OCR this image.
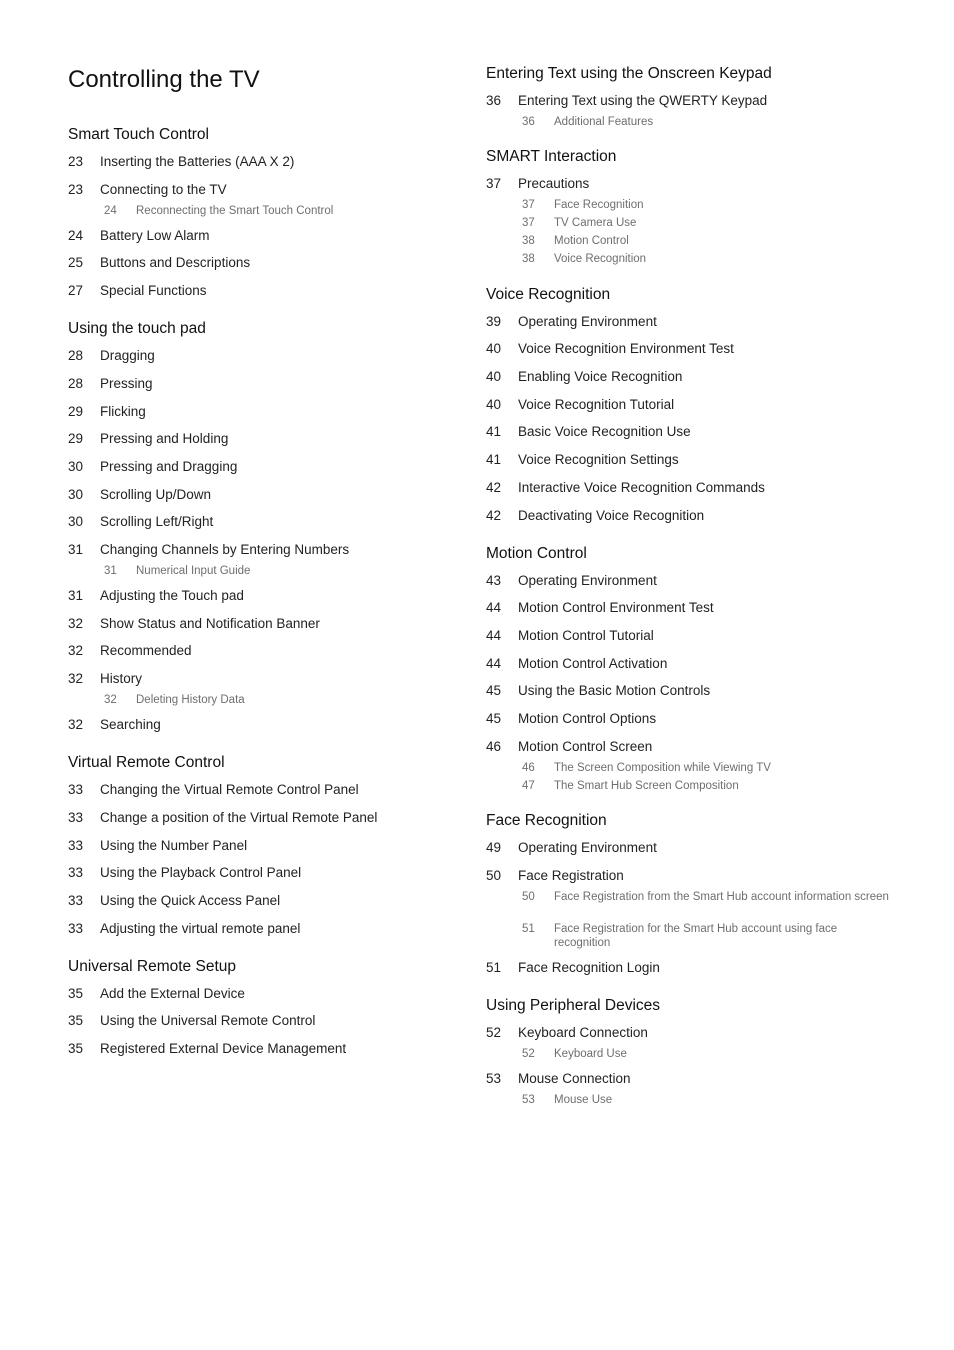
Controlling the TV
Smart Touch Control
23 Inserting the Batteries (AAA X 2)
23 Connecting to the TV
24 Reconnecting the Smart Touch Control
24 Battery Low Alarm
25 Buttons and Descriptions
27 Special Functions
Using the touch pad
28 Dragging
28 Pressing
29 Flicking
29 Pressing and Holding
30 Pressing and Dragging
30 Scrolling Up/Down
30 Scrolling Left/Right
31 Changing Channels by Entering Numbers
31 Numerical Input Guide
31 Adjusting the Touch pad
32 Show Status and Notification Banner
32 Recommended
32 History
32 Deleting History Data
32 Searching
Virtual Remote Control
33 Changing the Virtual Remote Control Panel
33 Change a position of the Virtual Remote Panel
33 Using the Number Panel
33 Using the Playback Control Panel
33 Using the Quick Access Panel
33 Adjusting the virtual remote panel
Universal Remote Setup
35 Add the External Device
35 Using the Universal Remote Control
35 Registered External Device Management
Entering Text using the Onscreen Keypad
36 Entering Text using the QWERTY Keypad
36 Additional Features
SMART Interaction
37 Precautions
37 Face Recognition
37 TV Camera Use
38 Motion Control
38 Voice Recognition
Voice Recognition
39 Operating Environment
40 Voice Recognition Environment Test
40 Enabling Voice Recognition
40 Voice Recognition Tutorial
41 Basic Voice Recognition Use
41 Voice Recognition Settings
42 Interactive Voice Recognition Commands
42 Deactivating Voice Recognition
Motion Control
43 Operating Environment
44 Motion Control Environment Test
44 Motion Control Tutorial
44 Motion Control Activation
45 Using the Basic Motion Controls
45 Motion Control Options
46 Motion Control Screen
46 The Screen Composition while Viewing TV
47 The Smart Hub Screen Composition
Face Recognition
49 Operating Environment
50 Face Registration
50 Face Registration from the Smart Hub account information screen
51 Face Registration for the Smart Hub account using face recognition
51 Face Recognition Login
Using Peripheral Devices
52 Keyboard Connection
52 Keyboard Use
53 Mouse Connection
53 Mouse Use
